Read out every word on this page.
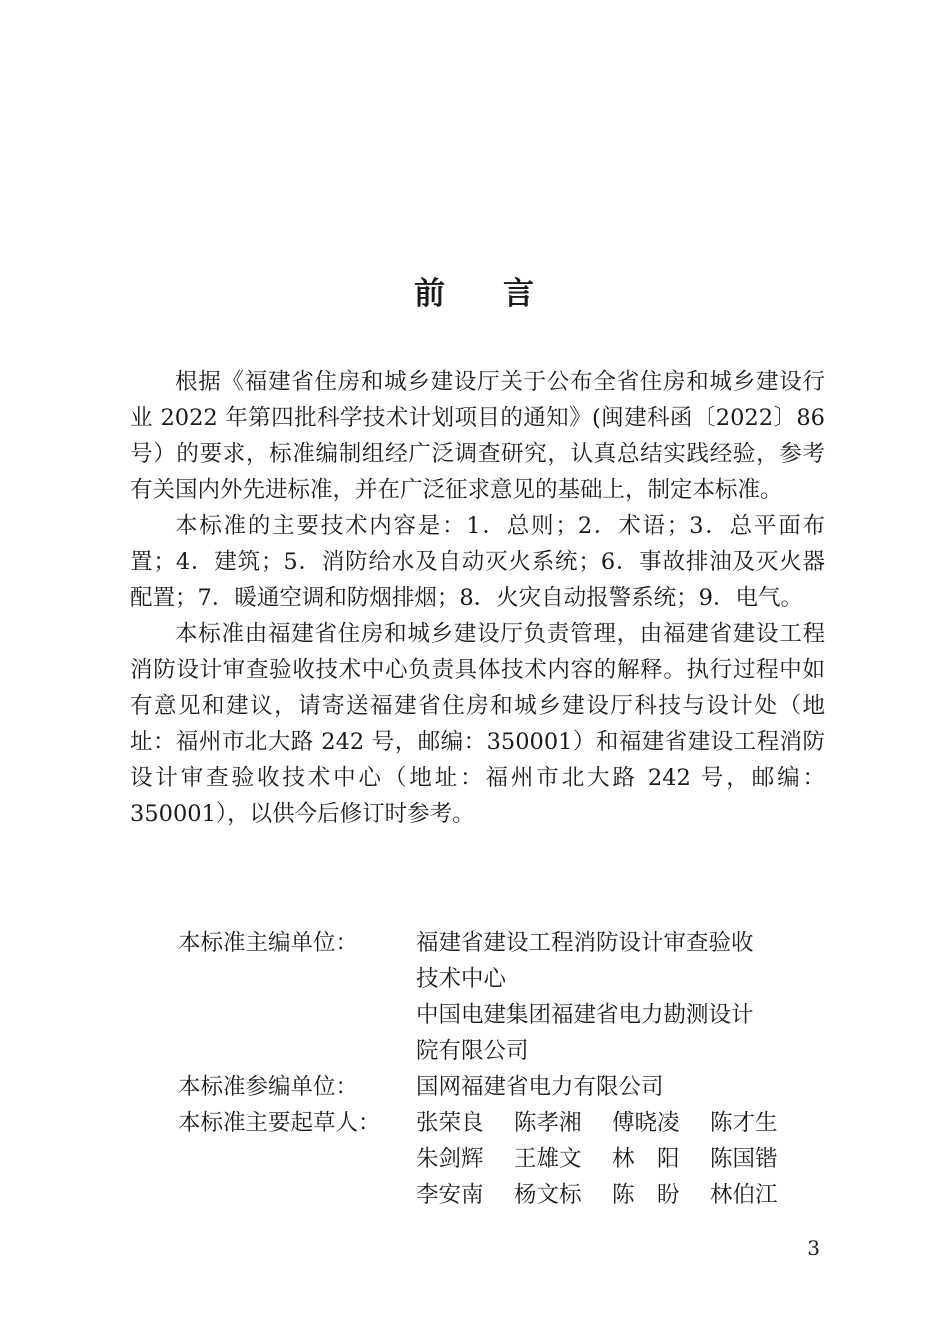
前 言

根据《福建省住房和城乡建设厅关于公布全省住房和城乡建设行业 2022 年第四批科学技术计划项目的通知》(闽建科函〔2022〕86 号）的要求，标准编制组经广泛调查研究，认真总结实践经验，参考有关国内外先进标准，并在广泛征求意见的基础上，制定本标准。

本标准的主要技术内容是：1．总则；2．术语；3．总平面布置；4．建筑；5．消防给水及自动灭火系统；6．事故排油及灭火器配置；7．暖通空调和防烟排烟；8．火灾自动报警系统；9．电气。

本标准由福建省住房和城乡建设厅负责管理，由福建省建设工程消防设计审查验收技术中心负责具体技术内容的解释。执行过程中如有意见和建议，请寄送福建省住房和城乡建设厅科技与设计处（地址：福州市北大路 242 号，邮编：350001）和福建省建设工程消防设计审查验收技术中心（地址：福州市北大路 242 号，邮编：350001），以供今后修订时参考。

本标准主编单位：	福建省建设工程消防设计审查验收
技术中心
中国电建集团福建省电力勘测设计
院有限公司
本标准参编单位：	国网福建省电力有限公司
本标准主要起草人：	张荣良	陈孝湘	傅晓凌	陈才生
朱剑辉	王雄文	林　阳	陈国锴
李安南	杨文标	陈　盼	林伯江
3
